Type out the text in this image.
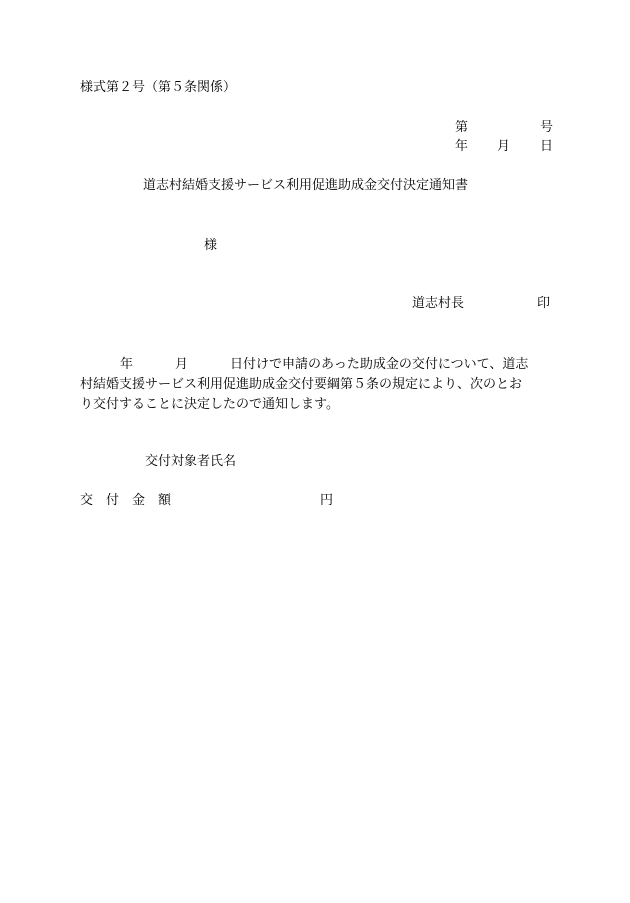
様式第２号（第５条関係）
第	号
年 月 日
道志村結婚支援サービス利用促進助成金交付決定通知書
様
道志村長	印
年	月	日付けで申請のあった助成金の交付について、道志
村結婚支援サービス利用促進助成金交付要綱第５条の規定により、次のとお
り交付することに決定したので通知します。
交付対象者氏名
交 付 金 額	円
